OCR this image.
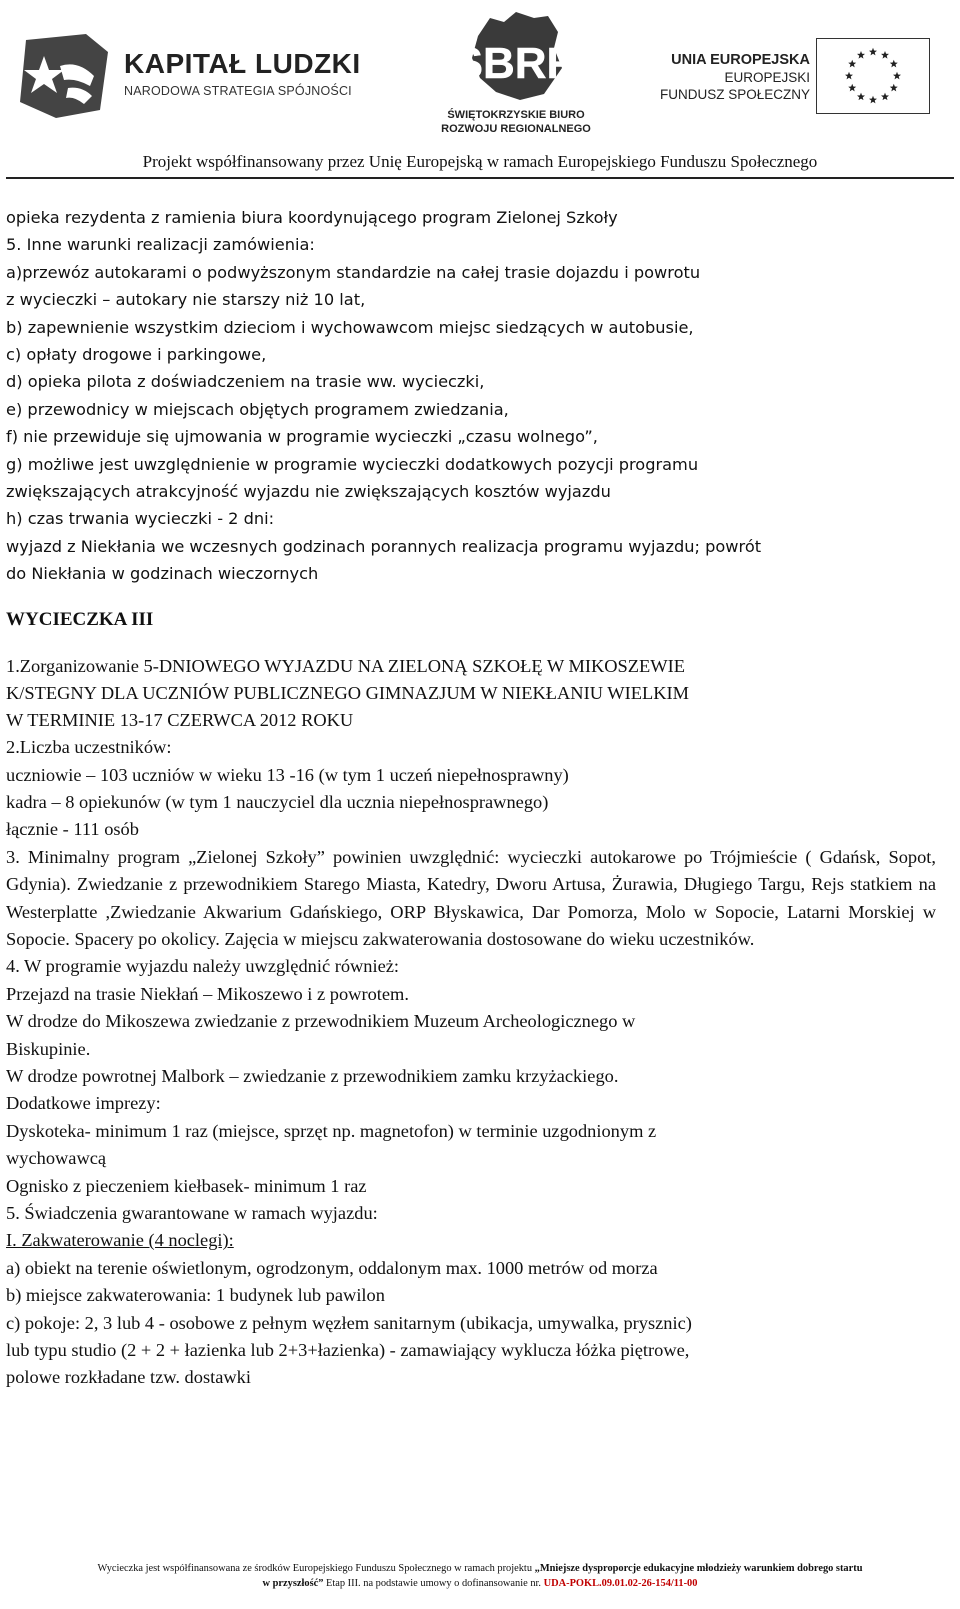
KAPITAŁ LUDZKI
NARODOWA STRATEGIA SPÓJNOŚCI
ŚBRR
ŚWIĘTOKRZYSKIE BIURO
ROZWOJU REGIONALNEGO
UNIA EUROPEJSKA
EUROPEJSKI
FUNDUSZ SPOŁECZNY
Projekt współfinansowany przez Unię Europejską w ramach Europejskiego Funduszu Społecznego

opieka rezydenta z ramienia biura koordynującego program Zielonej Szkoły

5. Inne warunki realizacji zamówienia:

a)przewóz autokarami o podwyższonym standardzie na całej trasie dojazdu i powrotu

z wycieczki – autokary nie starszy niż 10 lat,

b) zapewnienie wszystkim dzieciom i wychowawcom miejsc siedzących w autobusie,

c) opłaty drogowe i parkingowe,

d) opieka pilota z doświadczeniem na trasie ww. wycieczki,

e) przewodnicy w miejscach objętych programem zwiedzania,

f) nie przewiduje się ujmowania w programie wycieczki „czasu wolnego”,

g) możliwe jest uwzględnienie w programie wycieczki dodatkowych pozycji programu

zwiększających atrakcyjność wyjazdu nie zwiększających kosztów wyjazdu

h) czas trwania wycieczki - 2 dni:

wyjazd z Niekłania we wczesnych godzinach porannych realizacja programu wyjazdu; powrót

do Niekłania w godzinach wieczornych

WYCIECZKA III

1.Zorganizowanie 5-DNIOWEGO WYJAZDU NA ZIELONĄ SZKOŁĘ W MIKOSZEWIE

K/STEGNY DLA UCZNIÓW PUBLICZNEGO GIMNAZJUM W NIEKŁANIU WIELKIM

W TERMINIE 13-17 CZERWCA 2012 ROKU

2.Liczba uczestników:

uczniowie – 103 uczniów w wieku 13 -16 (w tym 1 uczeń niepełnosprawny)

kadra – 8 opiekunów (w tym 1 nauczyciel dla ucznia niepełnosprawnego)

łącznie - 111 osób

3. Minimalny program „Zielonej Szkoły” powinien uwzględnić: wycieczki autokarowe po Trójmieście ( Gdańsk, Sopot, Gdynia). Zwiedzanie z przewodnikiem Starego Miasta, Katedry, Dworu Artusa, Żurawia, Długiego Targu, Rejs statkiem na Westerplatte ,Zwiedzanie Akwarium Gdańskiego, ORP Błyskawica, Dar Pomorza, Molo w Sopocie, Latarni Morskiej w Sopocie. Spacery po okolicy. Zajęcia w miejscu zakwaterowania dostosowane do wieku uczestników.

4. W programie wyjazdu należy uwzględnić również:

Przejazd na trasie Niekłań – Mikoszewo i z powrotem.

W drodze do Mikoszewa zwiedzanie z przewodnikiem Muzeum Archeologicznego w

Biskupinie.

W drodze powrotnej Malbork – zwiedzanie z przewodnikiem zamku krzyżackiego.

Dodatkowe imprezy:

Dyskoteka- minimum 1 raz (miejsce, sprzęt np. magnetofon) w terminie uzgodnionym z

wychowawcą

Ognisko z pieczeniem kiełbasek- minimum 1 raz

5. Świadczenia gwarantowane w ramach wyjazdu:

I. Zakwaterowanie (4 noclegi):

a) obiekt na terenie oświetlonym, ogrodzonym, oddalonym max. 1000 metrów od morza

b) miejsce zakwaterowania: 1 budynek lub pawilon

c) pokoje: 2, 3 lub 4 - osobowe z pełnym węzłem sanitarnym (ubikacja, umywalka, prysznic)

lub typu studio (2 + 2 + łazienka lub 2+3+łazienka) - zamawiający wyklucza łóżka piętrowe,

polowe rozkładane tzw. dostawki

Wycieczka jest współfinansowana ze środków Europejskiego Funduszu Społecznego w ramach projektu „Mniejsze dysproporcje edukacyjne młodzieży warunkiem dobrego startu
w przyszłość” Etap III. na podstawie umowy o dofinansowanie nr. UDA-POKL.09.01.02-26-154/11-00
